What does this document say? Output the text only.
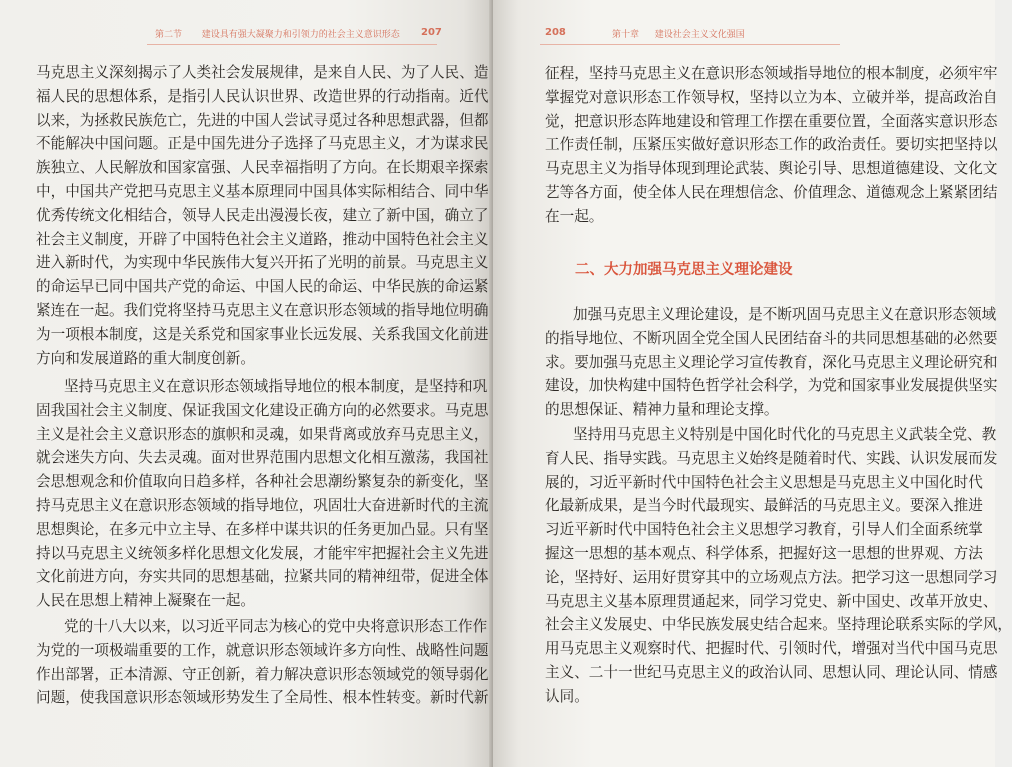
第二节 建设具有强大凝聚力和引领力的社会主义意识形态 207
马克思主义深刻揭示了人类社会发展规律，是来自人民、为了人民、造
福人民的思想体系，是指引人民认识世界、改造世界的行动指南。近代
以来，为拯救民族危亡，先进的中国人尝试寻觅过各种思想武器，但都
不能解决中国问题。正是中国先进分子选择了马克思主义，才为谋求民
族独立、人民解放和国家富强、人民幸福指明了方向。在长期艰辛探索
中，中国共产党把马克思主义基本原理同中国具体实际相结合、同中华
优秀传统文化相结合，领导人民走出漫漫长夜，建立了新中国，确立了
社会主义制度，开辟了中国特色社会主义道路，推动中国特色社会主义
进入新时代，为实现中华民族伟大复兴开拓了光明的前景。马克思主义
的命运早已同中国共产党的命运、中国人民的命运、中华民族的命运紧
紧连在一起。我们党将坚持马克思主义在意识形态领域的指导地位明确
为一项根本制度，这是关系党和国家事业长远发展、关系我国文化前进
方向和发展道路的重大制度创新。
坚持马克思主义在意识形态领域指导地位的根本制度，是坚持和巩
固我国社会主义制度、保证我国文化建设正确方向的必然要求。马克思
主义是社会主义意识形态的旗帜和灵魂，如果背离或放弃马克思主义，
就会迷失方向、失去灵魂。面对世界范围内思想文化相互激荡，我国社
会思想观念和价值取向日趋多样，各种社会思潮纷繁复杂的新变化，坚
持马克思主义在意识形态领域的指导地位，巩固壮大奋进新时代的主流
思想舆论，在多元中立主导、在多样中谋共识的任务更加凸显。只有坚
持以马克思主义统领多样化思想文化发展，才能牢牢把握社会主义先进
文化前进方向，夯实共同的思想基础，拉紧共同的精神纽带，促进全体
人民在思想上精神上凝聚在一起。
党的十八大以来，以习近平同志为核心的党中央将意识形态工作作
为党的一项极端重要的工作，就意识形态领域许多方向性、战略性问题
作出部署，正本清源、守正创新，着力解决意识形态领域党的领导弱化
问题，使我国意识形态领域形势发生了全局性、根本性转变。新时代新
208	第十章 建设社会主义文化强国
征程，坚持马克思主义在意识形态领域指导地位的根本制度，必须牢牢
掌握党对意识形态工作领导权，坚持以立为本、立破并举，提高政治自
觉，把意识形态阵地建设和管理工作摆在重要位置，全面落实意识形态
工作责任制，压紧压实做好意识形态工作的政治责任。要切实把坚持以
马克思主义为指导体现到理论武装、舆论引导、思想道德建设、文化文
艺等各方面，使全体人民在理想信念、价值理念、道德观念上紧紧团结
在一起。
二、大力加强马克思主义理论建设
加强马克思主义理论建设，是不断巩固马克思主义在意识形态领域
的指导地位、不断巩固全党全国人民团结奋斗的共同思想基础的必然要
求。要加强马克思主义理论学习宣传教育，深化马克思主义理论研究和
建设，加快构建中国特色哲学社会科学，为党和国家事业发展提供坚实
的思想保证、精神力量和理论支撑。
坚持用马克思主义特别是中国化时代化的马克思主义武装全党、教
育人民、指导实践。马克思主义始终是随着时代、实践、认识发展而发
展的，习近平新时代中国特色社会主义思想是马克思主义中国化时代
化最新成果，是当今时代最现实、最鲜活的马克思主义。要深入推进
习近平新时代中国特色社会主义思想学习教育，引导人们全面系统掌
握这一思想的基本观点、科学体系，把握好这一思想的世界观、方法
论，坚持好、运用好贯穿其中的立场观点方法。把学习这一思想同学习
马克思主义基本原理贯通起来，同学习党史、新中国史、改革开放史、
社会主义发展史、中华民族发展史结合起来。坚持理论联系实际的学风，
用马克思主义观察时代、把握时代、引领时代，增强对当代中国马克思
主义、二十一世纪马克思主义的政治认同、思想认同、理论认同、情感
认同。
